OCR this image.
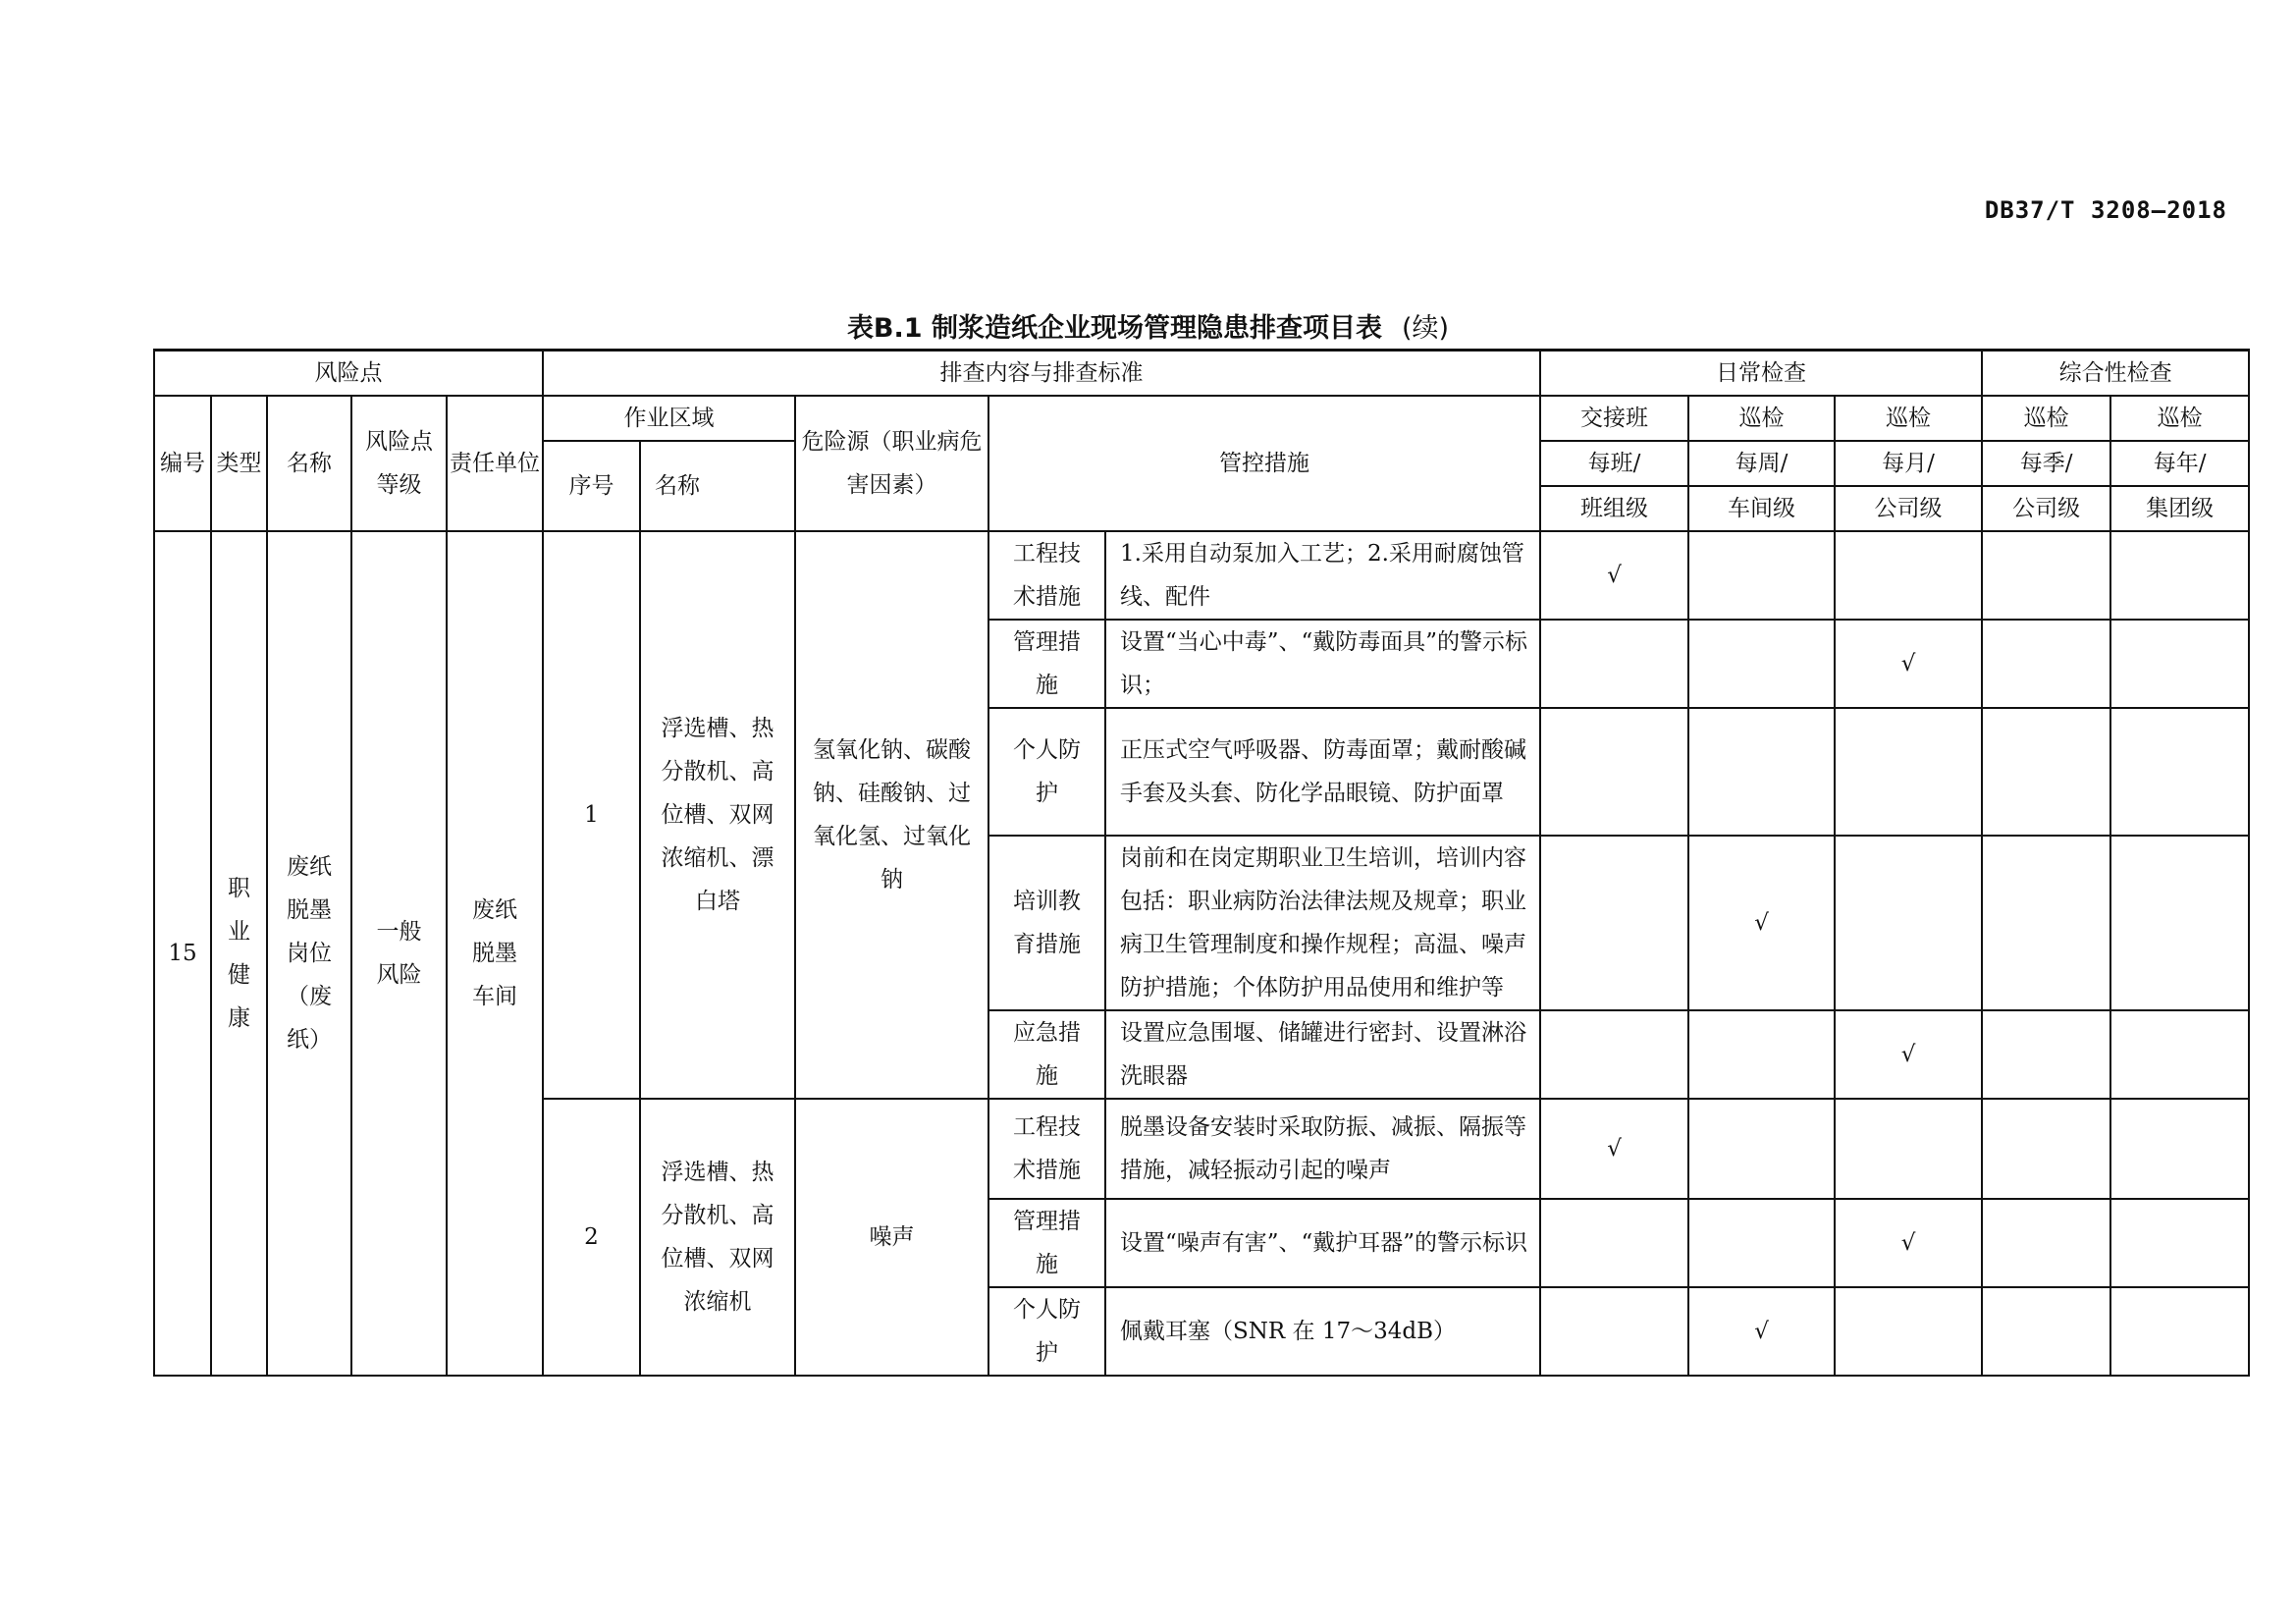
DB37/T 3208—2018
表B.1 制浆造纸企业现场管理隐患排查项目表 (续)
风险点					排查内容与排查标准					日常检查			综合性检查	
编号	类型	名称	风险点等级	责任单位	作业区域		危险源（职业病危害因素）	管控措施		交接班	巡检	巡检	巡检	巡检
					序号	名称				每班/	每周/	每月/	每季/	每年/
										班组级	车间级	公司级	公司级	集团级
15	职业健康	废纸脱墨岗位（废纸）	一般风险	废纸脱墨车间	1	浮选槽、热分散机、高位槽、双网浓缩机、漂白塔	氢氧化钠、碳酸钠、硅酸钠、过氧化氢、过氧化钠	工程技术措施	1.采用自动泵加入工艺；2.采用耐腐蚀管线、配件	√				
								管理措施	设置“当心中毒”、“戴防毒面具”的警示标识；			√		
								个人防护	正压式空气呼吸器、防毒面罩；戴耐酸碱手套及头套、防化学品眼镜、防护面罩					
								培训教育措施	岗前和在岗定期职业卫生培训，培训内容包括：职业病防治法律法规及规章；职业病卫生管理制度和操作规程；高温、噪声防护措施；个体防护用品使用和维护等		√			
								应急措施	设置应急围堰、储罐进行密封、设置淋浴洗眼器			√		
					2	浮选槽、热分散机、高位槽、双网浓缩机	噪声	工程技术措施	脱墨设备安装时采取防振、减振、隔振等措施，减轻振动引起的噪声	√				
								管理措施	设置“噪声有害”、“戴护耳器”的警示标识			√		
								个人防护	佩戴耳塞（SNR 在 17～34dB）		√			
